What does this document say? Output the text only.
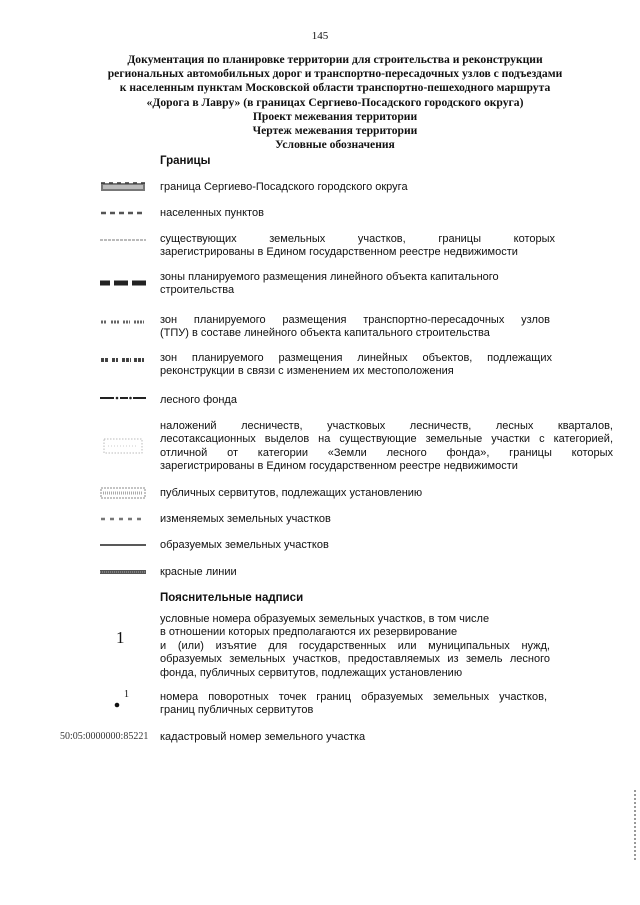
145
Документация по планировке территории для строительства и реконструкции
региональных автомобильных дорог и транспортно-пересадочных узлов с подъездами
к населенным пунктам Московской области транспортно-пешеходного маршрута
«Дорога в Лавру» (в границах Сергиево-Посадского городского округа)
Проект межевания территории
Чертеж межевания территории
Условные обозначения
Границы
граница Сергиево-Посадского городского округа
населенных пунктов
существующих земельных участков, границы которых
зарегистрированы в Едином государственном реестре недвижимости
зоны планируемого размещения линейного объекта капитального
строительства
зон планируемого размещения транспортно-пересадочных узлов
(ТПУ) в составе линейного объекта капитального строительства
зон планируемого размещения линейных объектов, подлежащих
реконструкции в связи с изменением их местоположения
лесного фонда
наложений лесничеств, участковых лесничеств, лесных кварталов,
лесотаксационных выделов на существующие земельные участки с категорией,
отличной от категории «Земли лесного фонда», границы которых
зарегистрированы в Едином государственном реестре недвижимости
публичных сервитутов, подлежащих установлению
изменяемых земельных участков
образуемых земельных участков
красные линии
Пояснительные надписи
1
условные номера образуемых земельных участков, в том числе
в отношении которых предполагаются их резервирование
и (или) изъятие для государственных или муниципальных нужд,
образуемых земельных участков, предоставляемых из земель лесного
фонда, публичных сервитутов, подлежащих установлению
1	номера поворотных точек границ образуемых земельных участков,
границ публичных сервитутов
50:05:0000000:85221 кадастровый номер земельного участка
